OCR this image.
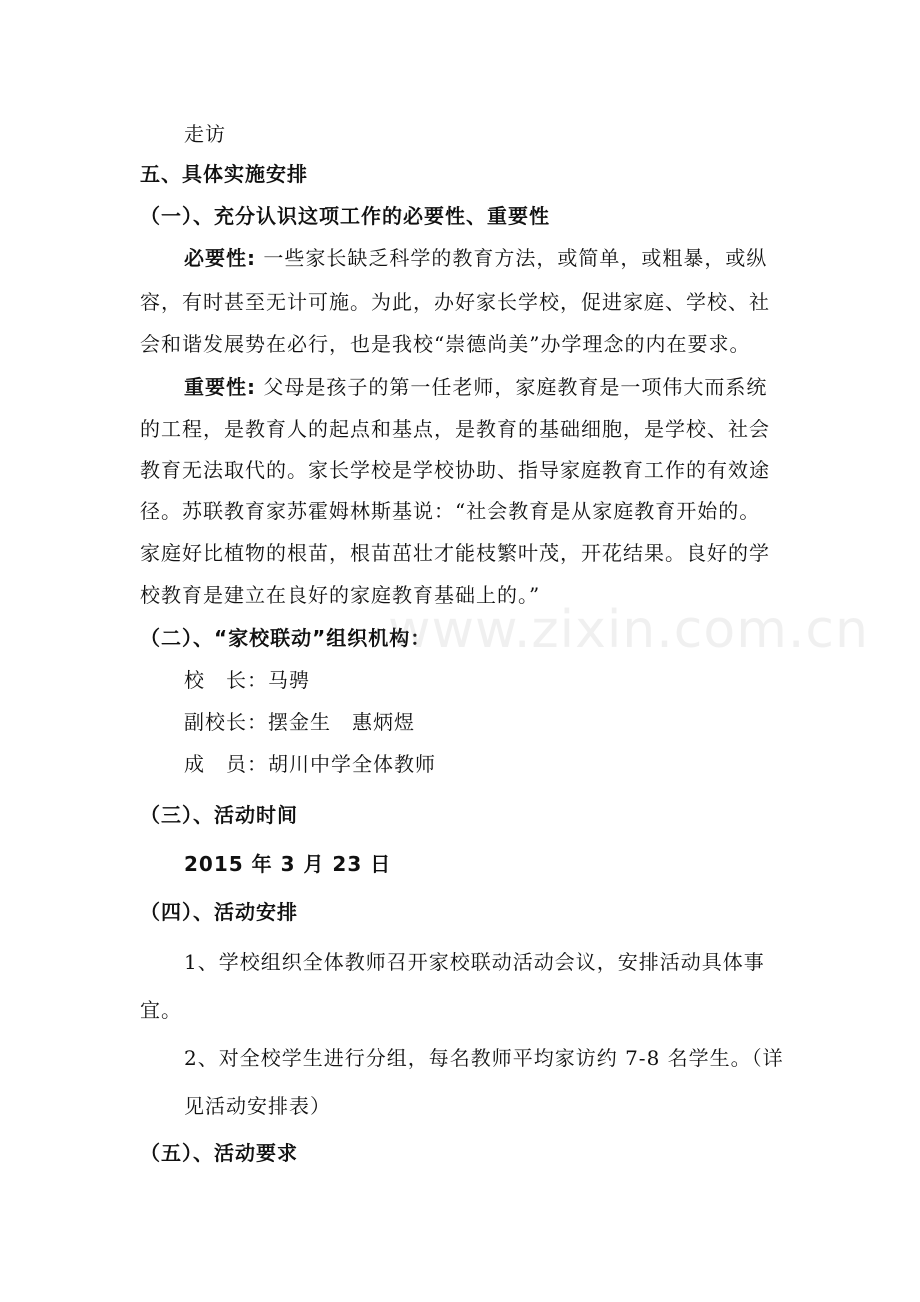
走访
五、具体实施安排
（一）、充分认识这项工作的必要性、重要性
必要性: 一些家长缺乏科学的教育方法，或简单，或粗暴，或纵
容，有时甚至无计可施。为此，办好家长学校，促进家庭、学校、社
会和谐发展势在必行，也是我校“崇德尚美”办学理念的内在要求。
重要性: 父母是孩子的第一任老师，家庭教育是一项伟大而系统
的工程，是教育人的起点和基点，是教育的基础细胞，是学校、社会
教育无法取代的。家长学校是学校协助、指导家庭教育工作的有效途
径。苏联教育家苏霍姆林斯基说：“社会教育是从家庭教育开始的。
家庭好比植物的根苗，根苗茁壮才能枝繁叶茂，开花结果。良好的学
校教育是建立在良好的家庭教育基础上的。”
（二）、“家校联动”组织机构：
校　长：马骋
副校长：摆金生　惠炳煜
成　员：胡川中学全体教师
（三）、活动时间
2015 年 3 月 23 日
（四）、活动安排
1、学校组织全体教师召开家校联动活动会议，安排活动具体事
宜。
2、对全校学生进行分组，每名教师平均家访约 7-8 名学生。（详
见活动安排表）
（五）、活动要求
www.zixin.com.cn
